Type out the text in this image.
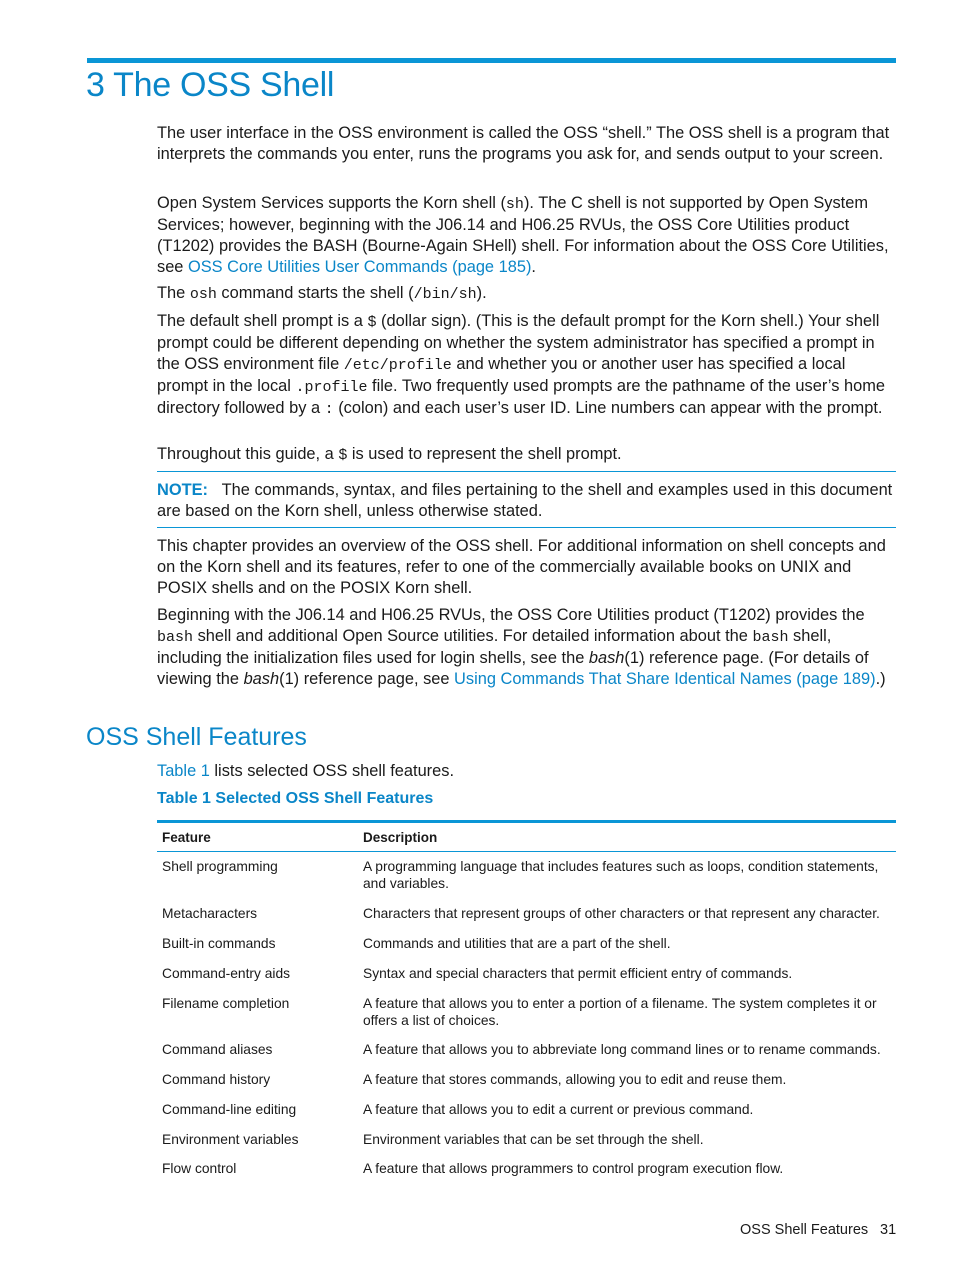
3 The OSS Shell

The user interface in the OSS environment is called the OSS “shell.” The OSS shell is a program that interprets the commands you enter, runs the programs you ask for, and sends output to your screen.

Open System Services supports the Korn shell (sh). The C shell is not supported by Open System Services; however, beginning with the J06.14 and H06.25 RVUs, the OSS Core Utilities product (T1202) provides the BASH (Bourne-Again SHell) shell. For information about the OSS Core Utilities, see OSS Core Utilities User Commands (page 185).

The osh command starts the shell (/bin/sh).

The default shell prompt is a $ (dollar sign). (This is the default prompt for the Korn shell.) Your shell prompt could be different depending on whether the system administrator has specified a prompt in the OSS environment file /etc/profile and whether you or another user has specified a local prompt in the local .profile file. Two frequently used prompts are the pathname of the user’s home directory followed by a : (colon) and each user’s user ID. Line numbers can appear with the prompt.

Throughout this guide, a $ is used to represent the shell prompt.

NOTE: The commands, syntax, and files pertaining to the shell and examples used in this document are based on the Korn shell, unless otherwise stated.

This chapter provides an overview of the OSS shell. For additional information on shell concepts and on the Korn shell and its features, refer to one of the commercially available books on UNIX and POSIX shells and on the POSIX Korn shell.

Beginning with the J06.14 and H06.25 RVUs, the OSS Core Utilities product (T1202) provides the bash shell and additional Open Source utilities. For detailed information about the bash shell, including the initialization files used for login shells, see the bash(1) reference page. (For details of viewing the bash(1) reference page, see Using Commands That Share Identical Names (page 189).)

OSS Shell Features

Table 1 lists selected OSS shell features.

Table 1 Selected OSS Shell Features
Feature	Description
Shell programming	A programming language that includes features such as loops, condition statements, and variables.
Metacharacters	Characters that represent groups of other characters or that represent any character.
Built-in commands	Commands and utilities that are a part of the shell.
Command-entry aids	Syntax and special characters that permit efficient entry of commands.
Filename completion	A feature that allows you to enter a portion of a filename. The system completes it or offers a list of choices.
Command aliases	A feature that allows you to abbreviate long command lines or to rename commands.
Command history	A feature that stores commands, allowing you to edit and reuse them.
Command-line editing	A feature that allows you to edit a current or previous command.
Environment variables	Environment variables that can be set through the shell.
Flow control	A feature that allows programmers to control program execution flow.
OSS Shell Features 31
